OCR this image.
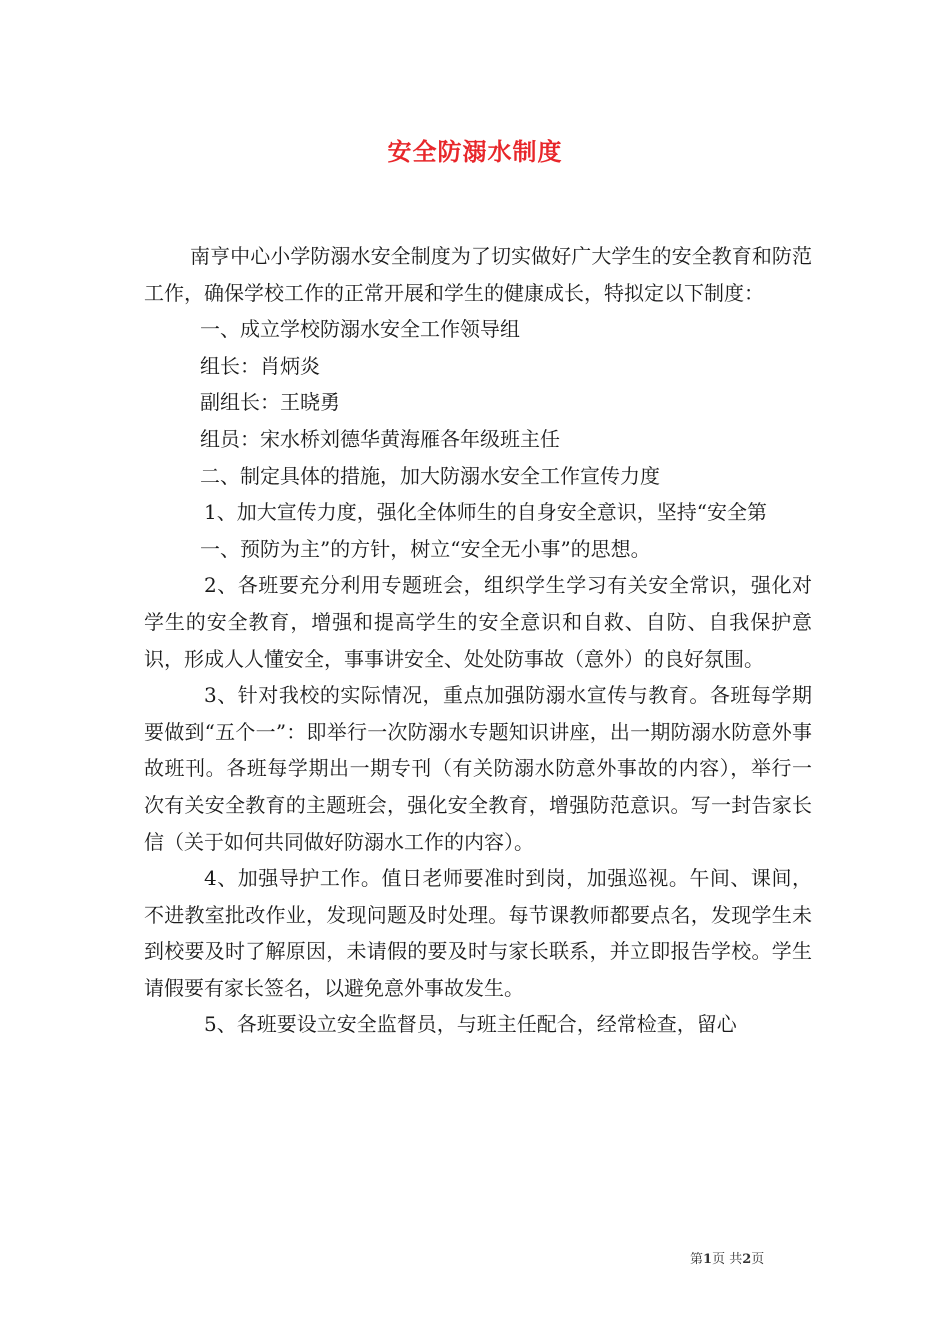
安全防溺水制度

南亨中心小学防溺水安全制度为了切实做好广大学生的安全教育和防范工作，确保学校工作的正常开展和学生的健康成长，特拟定以下制度：

一、成立学校防溺水安全工作领导组

组长：肖炳炎

副组长：王晓勇

组员：宋水桥刘德华黄海雁各年级班主任

二、制定具体的措施，加大防溺水安全工作宣传力度

1、加大宣传力度，强化全体师生的自身安全意识，坚持“安全第

一、预防为主”的方针，树立“安全无小事”的思想。

2、各班要充分利用专题班会，组织学生学习有关安全常识，强化对学生的安全教育，增强和提高学生的安全意识和自救、自防、自我保护意识，形成人人懂安全，事事讲安全、处处防事故（意外）的良好氛围。

3、针对我校的实际情况，重点加强防溺水宣传与教育。各班每学期要做到“五个一”：即举行一次防溺水专题知识讲座，出一期防溺水防意外事故班刊。各班每学期出一期专刊（有关防溺水防意外事故的内容），举行一次有关安全教育的主题班会，强化安全教育，增强防范意识。写一封告家长信（关于如何共同做好防溺水工作的内容）。

4、加强导护工作。值日老师要准时到岗，加强巡视。午间、课间，不进教室批改作业，发现问题及时处理。每节课教师都要点名，发现学生未到校要及时了解原因，未请假的要及时与家长联系，并立即报告学校。学生请假要有家长签名，以避免意外事故发生。

5、各班要设立安全监督员，与班主任配合，经常检查，留心

第1页 共2页
